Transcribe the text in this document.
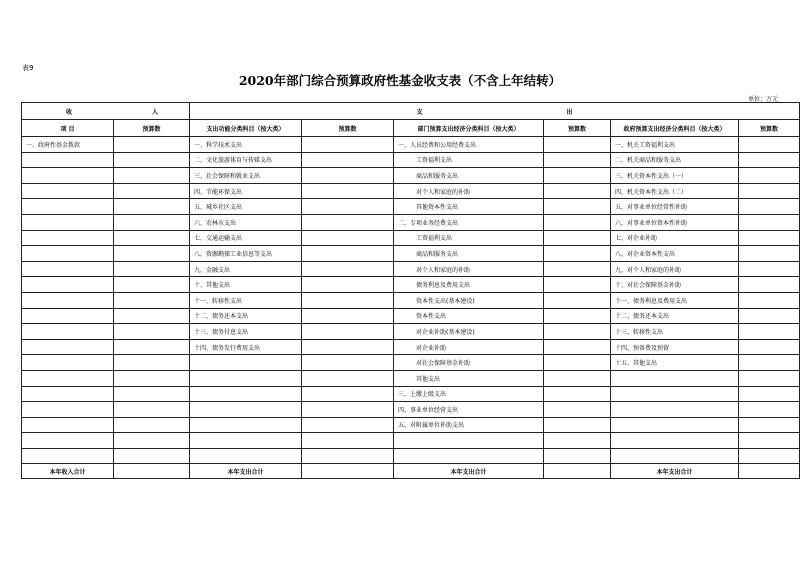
表9
2020年部门综合预算政府性基金收支表（不含上年结转）
单位：万元
收 入		支 出					
项 目	预算数	支出功能分类科目（按大类）	预算数	部门预算支出经济分类科目（按大类）	预算数	政府预算支出经济分类科目（按大类）	预算数
一、政府性基金拨款		一、科学技术支出		一、人员经费和公用经费支出		一、机关工资福利支出	
		二、文化旅游体育与传媒支出		工资福利支出		二、机关商品和服务支出	
		三、社会保障和就业支出		商品和服务支出		三、机关资本性支出（一）	
		四、节能环保支出		对个人和家庭的补助		四、机关资本性支出（二）	
		五、城乡社区支出		其他资本性支出		五、对事业单位经常性补助	
		六、农林水支出		二、专项业务经费支出		六、对事业单位资本性补助	
		七、交通运输支出		工资福利支出		七、对企业补助	
		八、资源勘探工业信息等支出		商品和服务支出		八、对企业资本性支出	
		九、金融支出		对个人和家庭的补助		九、对个人和家庭的补助	
		十、其他支出		债务利息及费用支出		十、对社会保障基金补助	
		十一、转移性支出		资本性支出(基本建设)		十一、债务利息及费用支出	
		十二、债务还本支出		资本性支出		十二、债务还本支出	
		十三、债务付息支出		对企业补助(基本建设)		十三、转移性支出	
		十四、债务发行费用支出		对企业补助		十四、预备费及预留	
				对社会保障基金补助		十五、其他支出	
				其他支出			
				三、上缴上级支出			
				四、事业单位经营支出			
				五、对附属单位补助支出			

本年收入合计		本年支出合计		本年支出合计		本年支出合计	
